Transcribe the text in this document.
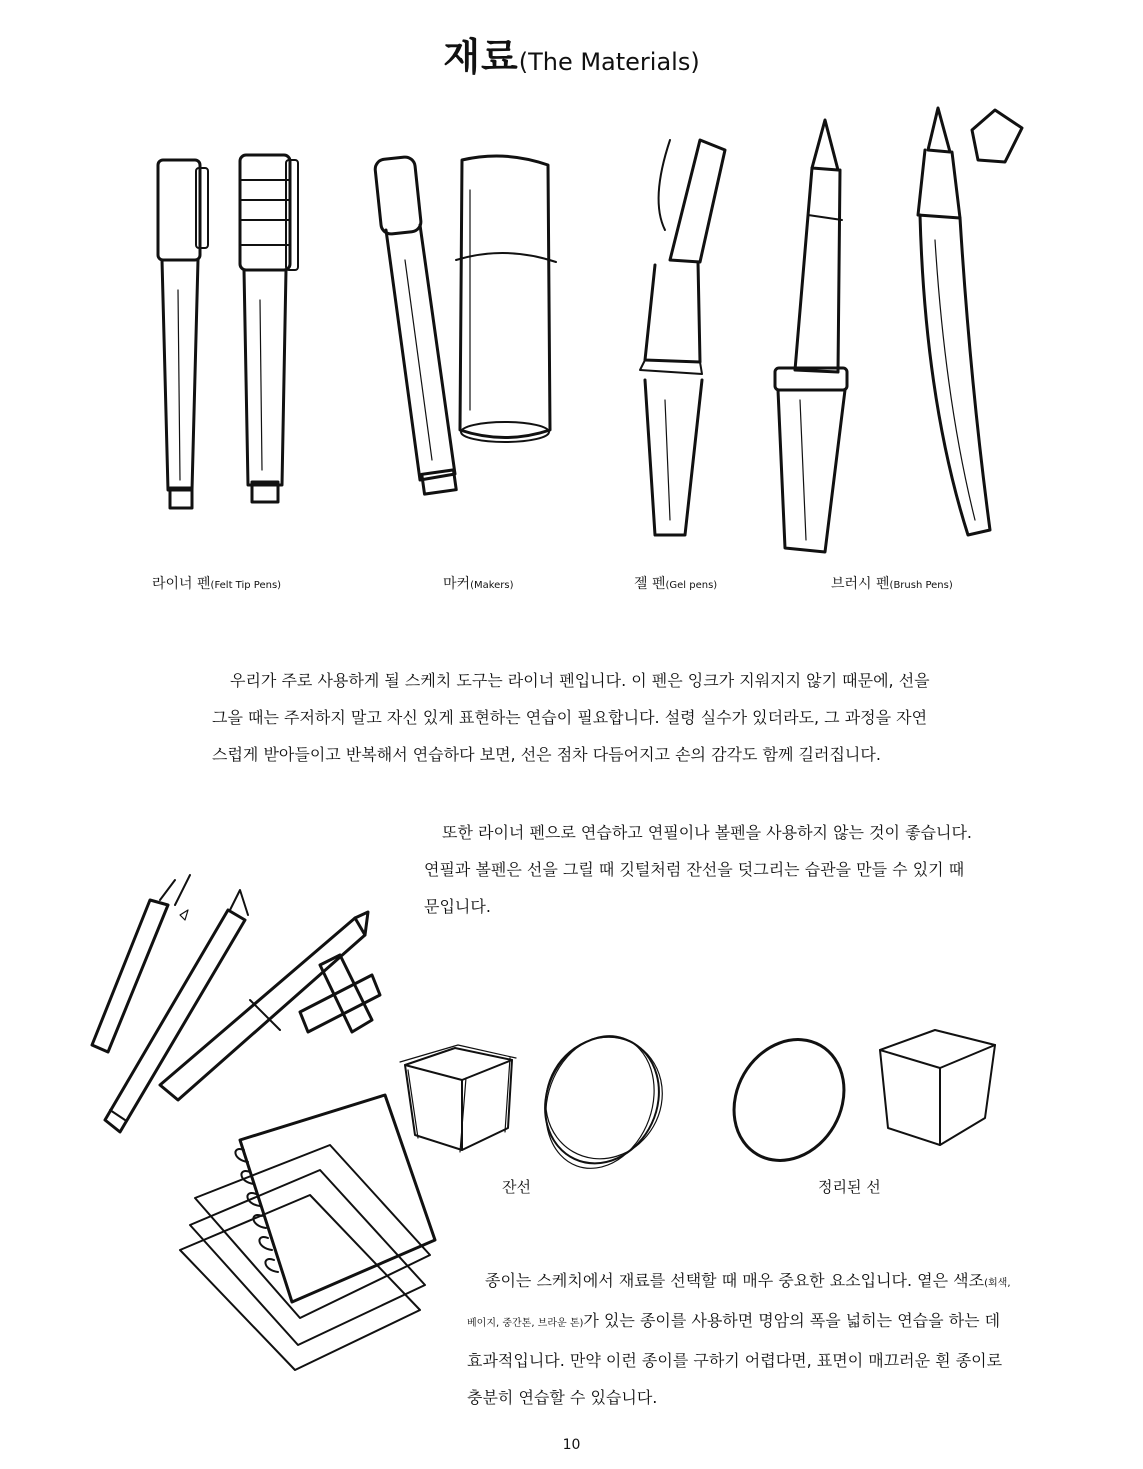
재료(The Materials)
라이너 펜(Felt Tip Pens)	마커(Makers)	젤 펜(Gel pens)	브러시 펜(Brush Pens)

우리가 주로 사용하게 될 스케치 도구는 라이너 펜입니다. 이 펜은 잉크가 지워지지 않기 때문에, 선을

그을 때는 주저하지 말고 자신 있게 표현하는 연습이 필요합니다. 설령 실수가 있더라도, 그 과정을 자연

스럽게 받아들이고 반복해서 연습하다 보면, 선은 점차 다듬어지고 손의 감각도 함께 길러집니다.

또한 라이너 펜으로 연습하고 연필이나 볼펜을 사용하지 않는 것이 좋습니다.

연필과 볼펜은 선을 그릴 때 깃털처럼 잔선을 덧그리는 습관을 만들 수 있기 때

문입니다.

잔선	정리된 선

종이는 스케치에서 재료를 선택할 때 매우 중요한 요소입니다. 옅은 색조(회색,

베이지, 중간톤, 브라운 톤)가 있는 종이를 사용하면 명암의 폭을 넓히는 연습을 하는 데

효과적입니다. 만약 이런 종이를 구하기 어렵다면, 표면이 매끄러운 흰 종이로

충분히 연습할 수 있습니다.

10
